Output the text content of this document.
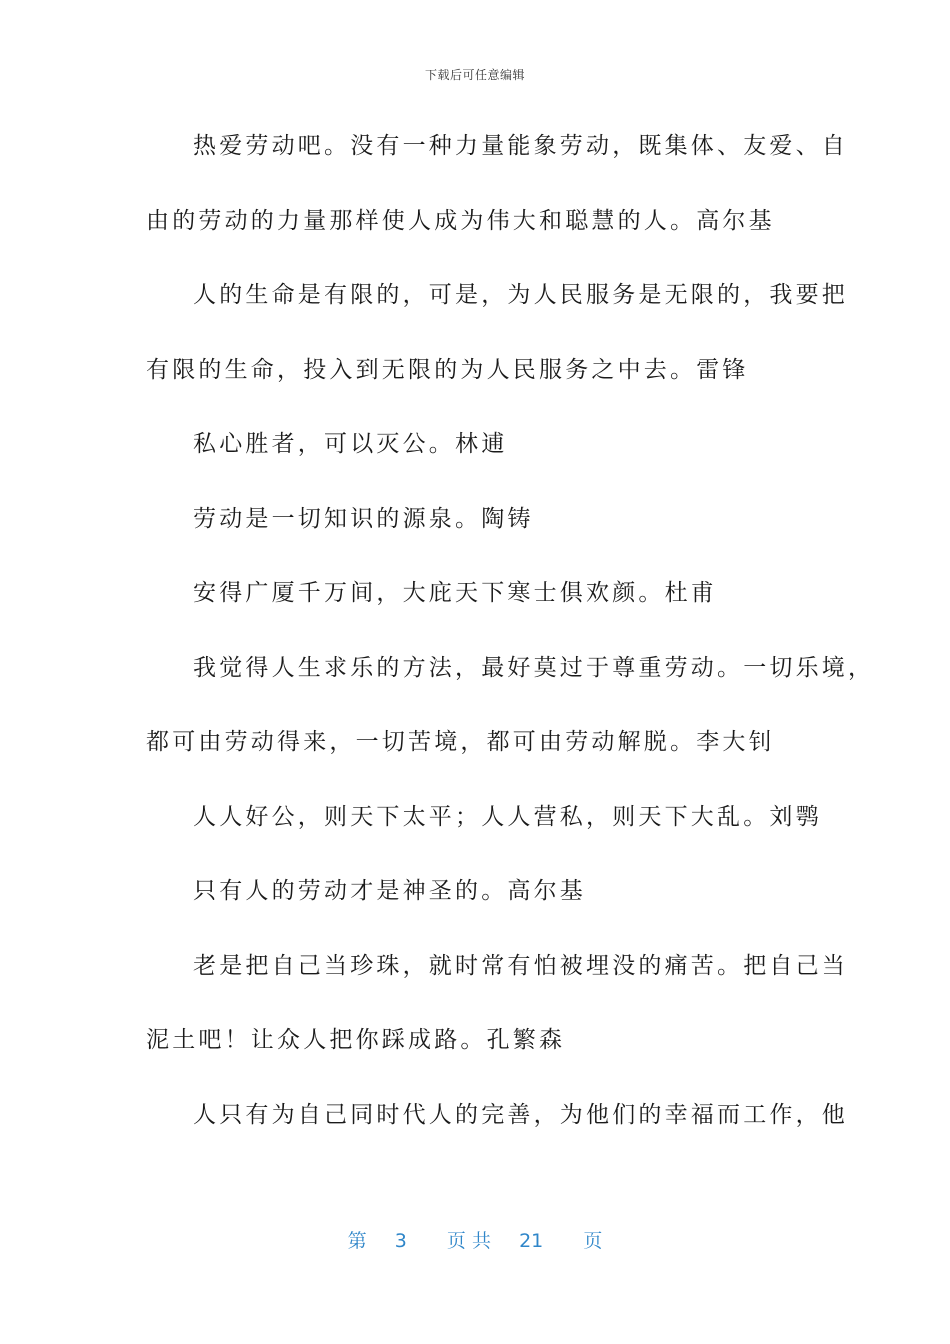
下载后可任意编辑
热爱劳动吧。没有一种力量能象劳动，既集体、友爱、自
由的劳动的力量那样使人成为伟大和聪慧的人。高尔基
人的生命是有限的，可是，为人民服务是无限的，我要把
有限的生命，投入到无限的为人民服务之中去。雷锋
私心胜者，可以灭公。林逋
劳动是一切知识的源泉。陶铸
安得广厦千万间，大庇天下寒士俱欢颜。杜甫
我觉得人生求乐的方法，最好莫过于尊重劳动。一切乐境，
都可由劳动得来，一切苦境，都可由劳动解脱。李大钊
人人好公，则天下太平；人人营私，则天下大乱。刘鹗
只有人的劳动才是神圣的。高尔基
老是把自己当珍珠，就时常有怕被埋没的痛苦。把自己当
泥土吧！让众人把你踩成路。孔繁森
人只有为自己同时代人的完善，为他们的幸福而工作，他
第 3 页 共 21 页
